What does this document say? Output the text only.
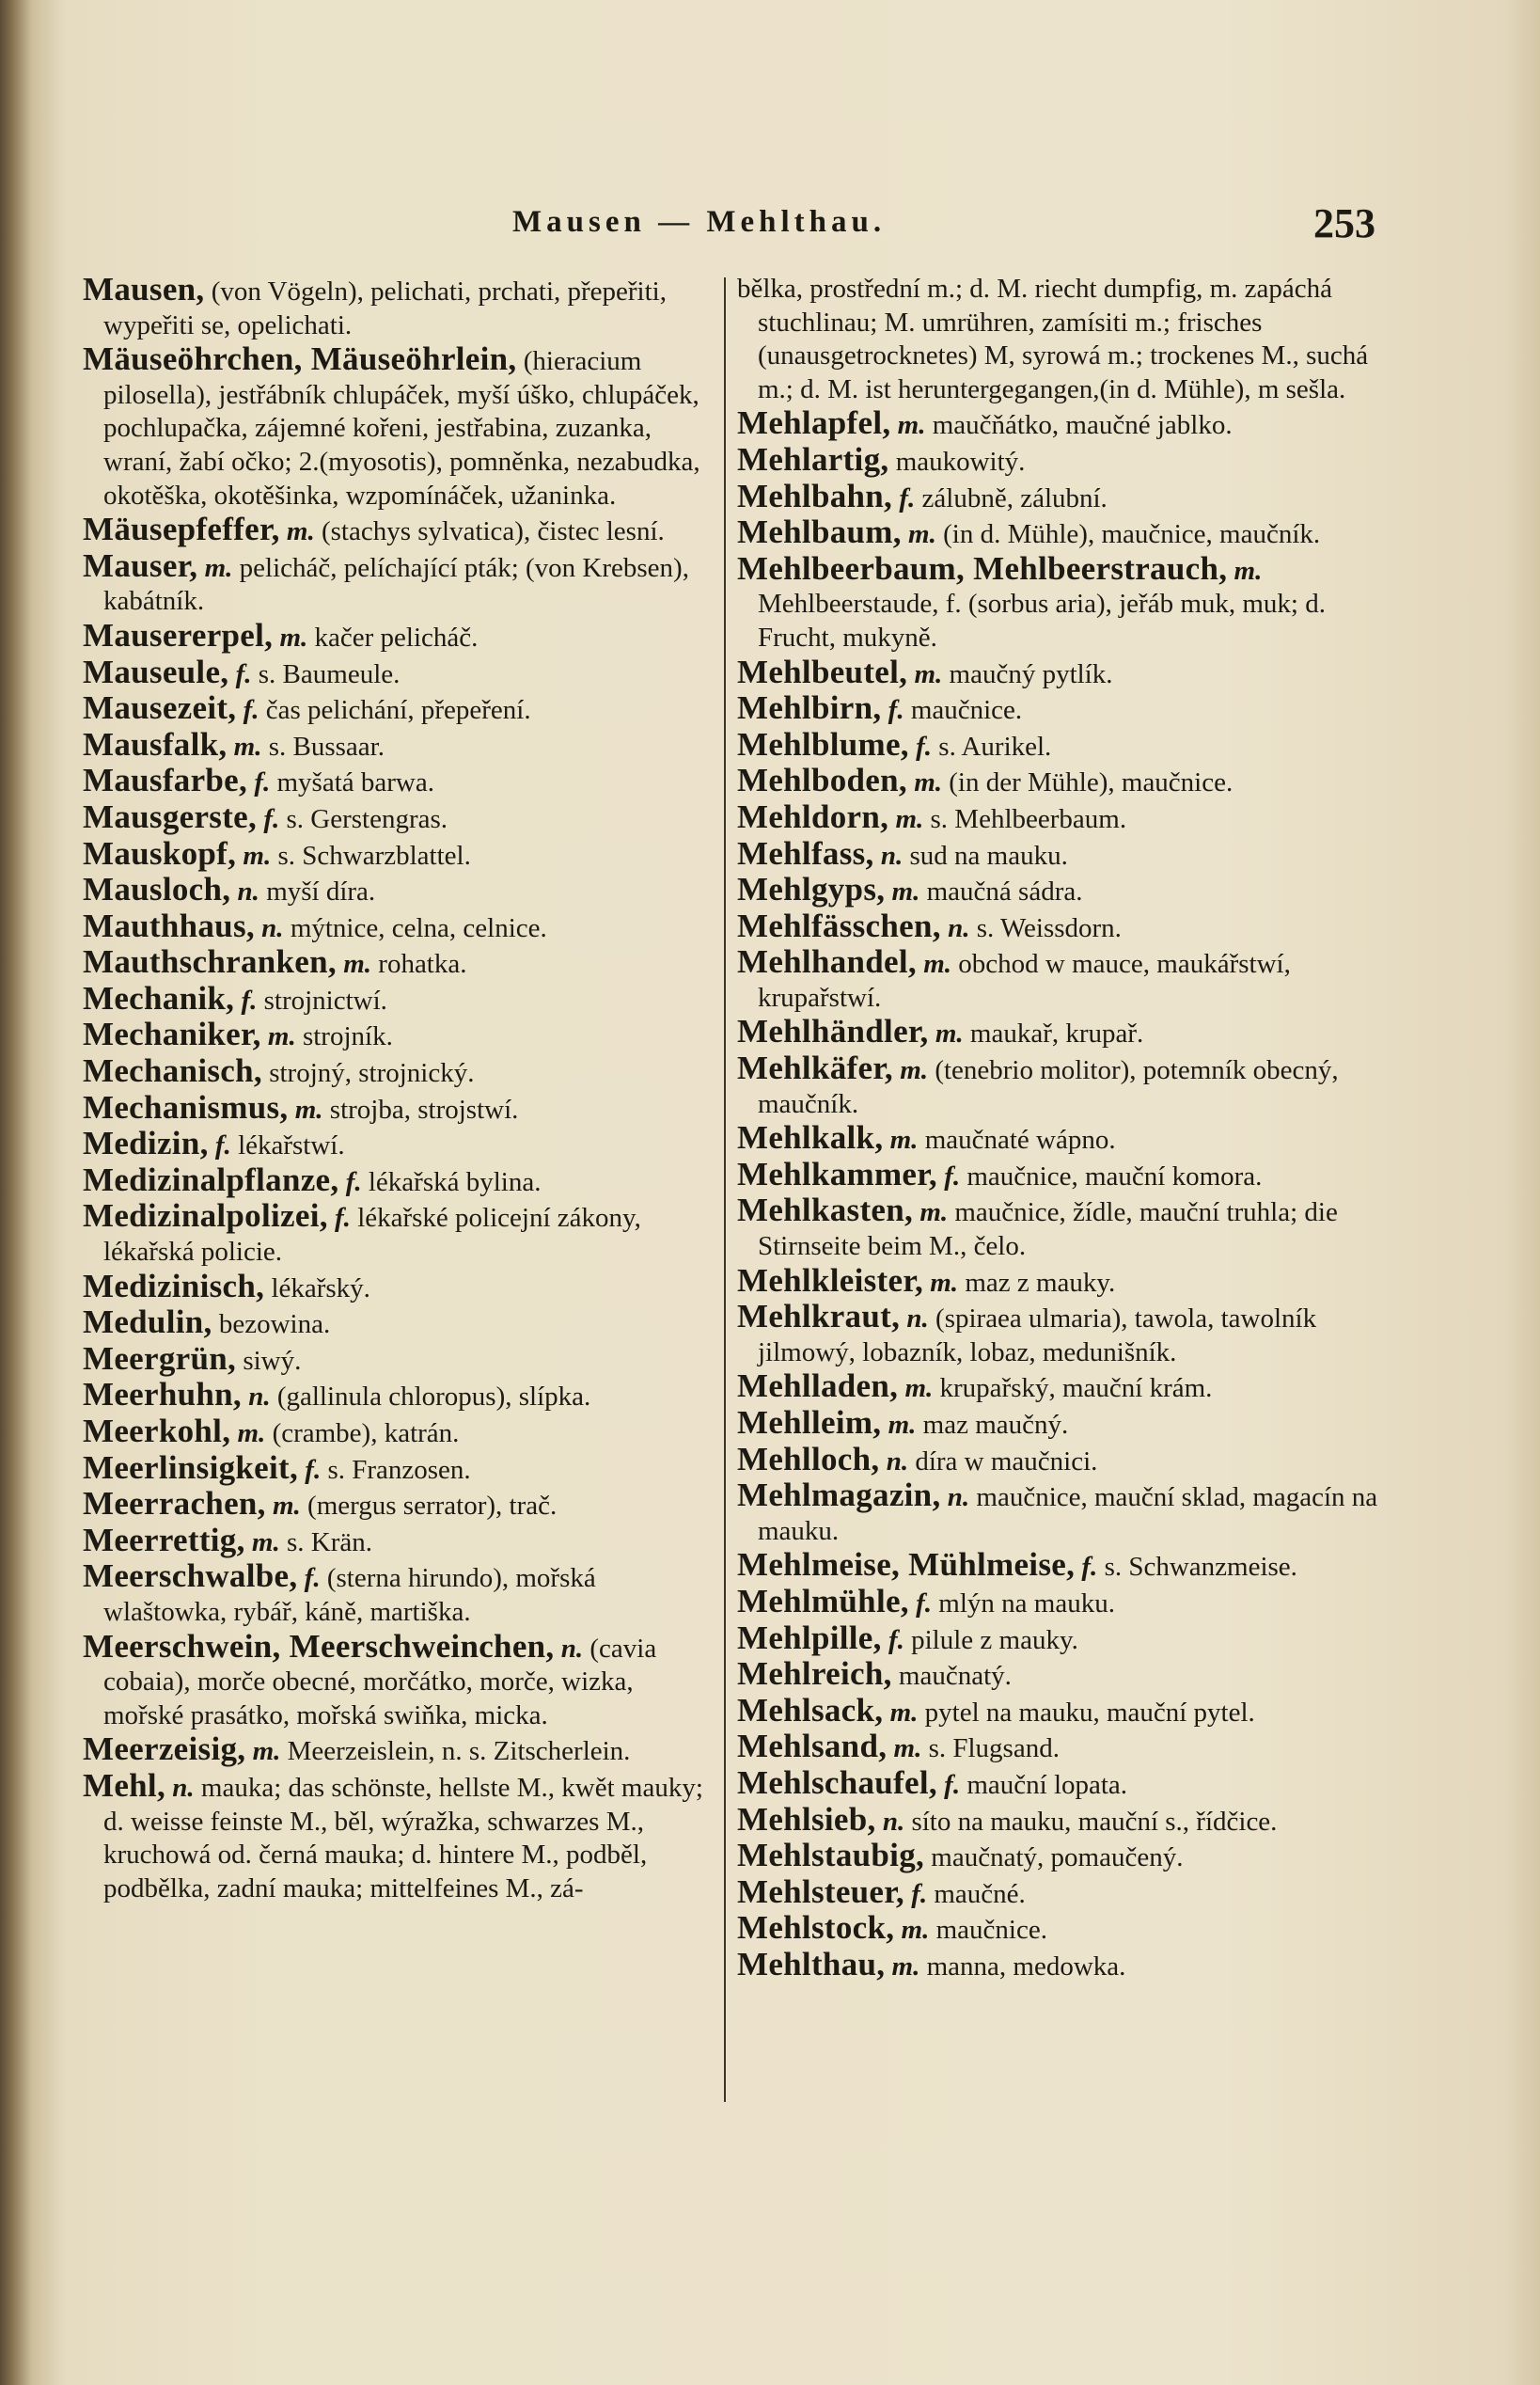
Mausen — Mehlthau.	253

Mausen, (von Vögeln), pelichati, prchati, přepeřiti, wypeřiti se, opelichati.

Mäuseöhrchen, Mäuseöhrlein, (hieracium pilosella), jestřábník chlupáček, myší úško, chlupáček, pochlupačka, zájemné kořeni, jestřabina, zuzanka, wraní, žabí očko; 2.(myosotis), pomněnka, nezabudka, okotěška, okotěšinka, wzpomínáček, užaninka.

Mäusepfeffer, m. (stachys sylvatica), čistec lesní.

Mauser, m. pelicháč, pelíchající pták; (von Krebsen), kabátník.

Mausererpel, m. kačer pelicháč.

Mauseule, f. s. Baumeule.

Mausezeit, f. čas pelichání, přepeření.

Mausfalk, m. s. Bussaar.

Mausfarbe, f. myšatá barwa.

Mausgerste, f. s. Gerstengras.

Mauskopf, m. s. Schwarzblattel.

Mausloch, n. myší díra.

Mauthhaus, n. mýtnice, celna, celnice.

Mauthschranken, m. rohatka.

Mechanik, f. strojnictwí.

Mechaniker, m. strojník.

Mechanisch, strojný, strojnický.

Mechanismus, m. strojba, strojstwí.

Medizin, f. lékařstwí.

Medizinalpflanze, f. lékařská bylina.

Medizinalpolizei, f. lékařské policejní zákony, lékařská policie.

Medizinisch, lékařský.

Medulin, bezowina.

Meergrün, siwý.

Meerhuhn, n. (gallinula chloropus), slípka.

Meerkohl, m. (crambe), katrán.

Meerlinsigkeit, f. s. Franzosen.

Meerrachen, m. (mergus serrator), trač.

Meerrettig, m. s. Krän.

Meerschwalbe, f. (sterna hirundo), mořská wlaštowka, rybář, káně, martiška.

Meerschwein, Meerschweinchen, n. (cavia cobaia), morče obecné, morčátko, morče, wizka, mořské prasátko, mořská swiňka, micka.

Meerzeisig, m. Meerzeislein, n. s. Zitscherlein.

Mehl, n. mauka; das schönste, hellste M., kwět mauky; d. weisse feinste M., běl, wýražka, schwarzes M., kruchowá od. černá mauka; d. hintere M., podběl, podbělka, zadní mauka; mittelfeines M., zá-

bělka, prostřední m.; d. M. riecht dumpfig, m. zapáchá stuchlinau; M. umrühren, zamísiti m.; frisches (unausgetrocknetes) M, syrowá m.; trockenes M., suchá m.; d. M. ist heruntergegangen,(in d. Mühle), m sešla.

Mehlapfel, m. maučňátko, maučné jablko.

Mehlartig, maukowitý.

Mehlbahn, f. zálubně, zálubní.

Mehlbaum, m. (in d. Mühle), maučnice, maučník.

Mehlbeerbaum, Mehlbeerstrauch, m. Mehlbeerstaude, f. (sorbus aria), jeřáb muk, muk; d. Frucht, mukyně.

Mehlbeutel, m. maučný pytlík.

Mehlbirn, f. maučnice.

Mehlblume, f. s. Aurikel.

Mehlboden, m. (in der Mühle), maučnice.

Mehldorn, m. s. Mehlbeerbaum.

Mehlfass, n. sud na mauku.

Mehlgyps, m. maučná sádra.

Mehlfässchen, n. s. Weissdorn.

Mehlhandel, m. obchod w mauce, maukářstwí, krupařstwí.

Mehlhändler, m. maukař, krupař.

Mehlkäfer, m. (tenebrio molitor), potemník obecný, maučník.

Mehlkalk, m. maučnaté wápno.

Mehlkammer, f. maučnice, mauční komora.

Mehlkasten, m. maučnice, žídle, mauční truhla; die Stirnseite beim M., čelo.

Mehlkleister, m. maz z mauky.

Mehlkraut, n. (spiraea ulmaria), tawola, tawolník jilmowý, lobazník, lobaz, medunišník.

Mehlladen, m. krupařský, mauční krám.

Mehlleim, m. maz maučný.

Mehlloch, n. díra w maučnici.

Mehlmagazin, n. maučnice, mauční sklad, magacín na mauku.

Mehlmeise, Mühlmeise, f. s. Schwanzmeise.

Mehlmühle, f. mlýn na mauku.

Mehlpille, f. pilule z mauky.

Mehlreich, maučnatý.

Mehlsack, m. pytel na mauku, mauční pytel.

Mehlsand, m. s. Flugsand.

Mehlschaufel, f. mauční lopata.

Mehlsieb, n. síto na mauku, mauční s., řídčice.

Mehlstaubig, maučnatý, pomaučený.

Mehlsteuer, f. maučné.

Mehlstock, m. maučnice.

Mehlthau, m. manna, medowka.
